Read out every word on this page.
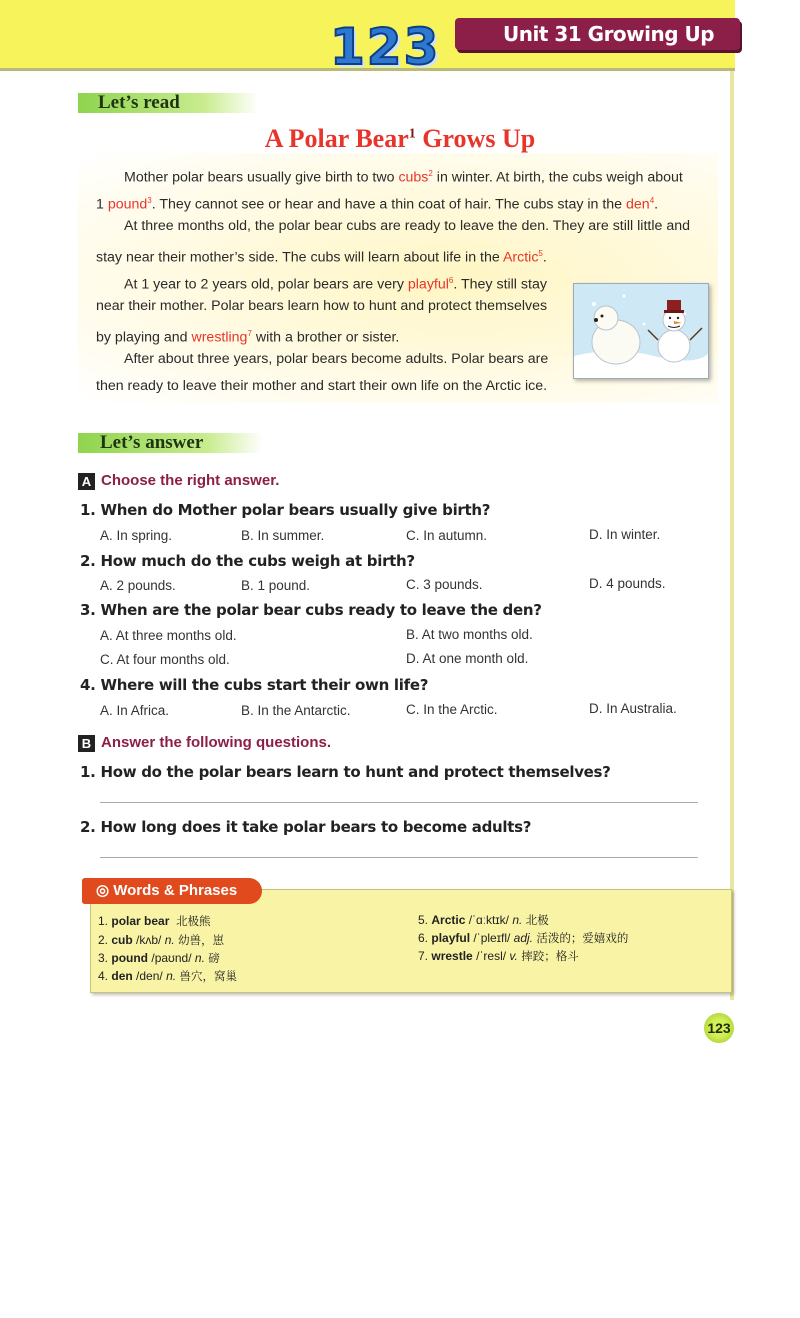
123	Unit 31 Growing Up
Let’s read
A Polar Bear$^1$ Grows Up
Mother polar bears usually give birth to two cubs$^2$ in winter. At birth, the cubs weigh about
1 pound$^3$. They cannot see or hear and have a thin coat of hair. The cubs stay in the den$^4$.
At three months old, the polar bear cubs are ready to leave the den. They are still little and
stay near their mother’s side. The cubs will learn about life in the Arctic$^5$.
At 1 year to 2 years old, polar bears are very playful$^6$. They still stay
near their mother. Polar bears learn how to hunt and protect themselves
by playing and wrestling$^7$ with a brother or sister.
After about three years, polar bears become adults. Polar bears are
then ready to leave their mother and start their own life on the Arctic ice.
Let’s answer
A Choose the right answer.
1. When do Mother polar bears usually give birth?
A. In spring.	B. In summer.	C. In autumn.	D. In winter.
2. How much do the cubs weigh at birth?
A. 2 pounds.	B. 1 pound.	C. 3 pounds.	D. 4 pounds.
3. When are the polar bear cubs ready to leave the den?
A. At three months old.	B. At two months old.
C. At four months old.	D. At one month old.
4. Where will the cubs start their own life?
A. In Africa.	B. In the Antarctic.	C. In the Arctic.	D. In Australia.
B Answer the following questions.
1. How do the polar bears learn to hunt and protect themselves?
2. How long does it take polar bears to become adults?
◎ Words & Phrases
1. polar bear 北极熊
2. cub /kʌb/ n. 幼兽，崽
3. pound /paʊnd/ n. 磅
4. den /den/ n. 兽穴，窝巢
5. Arctic /ˈɑːktɪk/ n. 北极
6. playful /ˈpleɪfl/ adj. 活泼的；爱嬉戏的
7. wrestle /ˈresl/ v. 摔跤；格斗
123
